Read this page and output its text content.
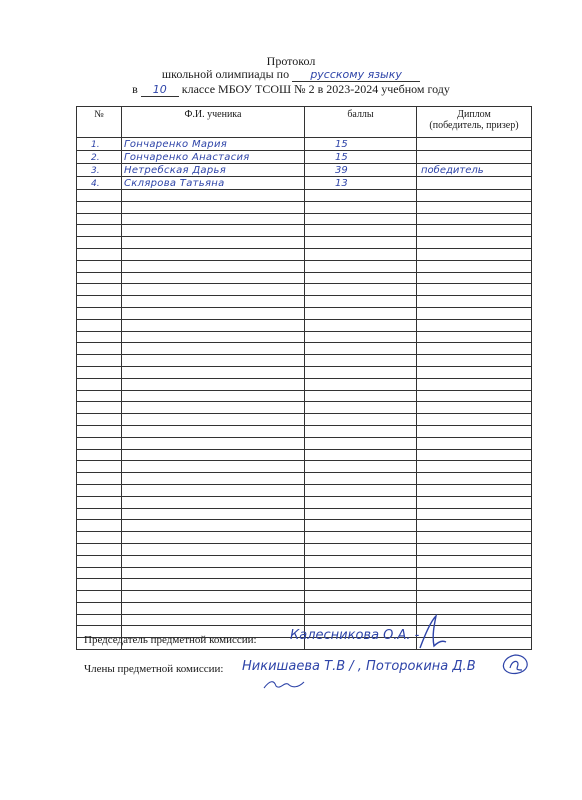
Протокол
школьной олимпиады по русскому языку
в 10 классе МБОУ ТСОШ № 2 в 2023-2024 учебном году
№	Ф.И. ученика	баллы	Диплом
(победитель, призер)

1.	Гончаренко Мария	15	
2.	Гончаренко Анастасия	15	
3.	Нетребская Дарья	39	победитель
4.	Склярова Татьяна	13	

Председатель предметной комиссии:	Калесникова О.А. -
Члены предметной комиссии: Никишаева Т.В / , Поторокина Д.В
